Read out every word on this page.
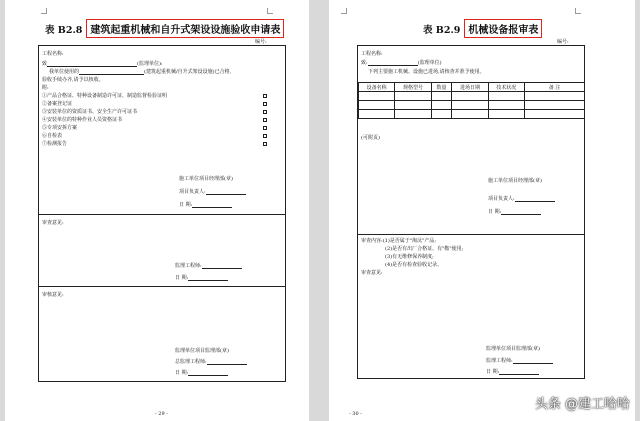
表 B2.8 建筑起重机械和自升式架设设施验收申请表
编号:
工程名称:
致	(监理单位):
我单位使用的	(建筑起重机械/自升式架设设施)已合格,
验收手续办齐,请予以核收。
附:
①产品合格证、特种设备制造许可证、制造监督检验证明
②备案登记证
③安装单位的资质证书、安全生产许可证书
④安装单位的特种作业人员资格证书
⑤专项安拆方案
⑥自检表
⑦检测报告
施工单位项目经理部(章)
项目负责人:
日 期:
审查意见:
监理工程师:
日 期:
审核意见:
监理单位项目监理部(章)
总监理工程师:
日 期:
- 29 -
表 B2.9 机械设备报审表
编号:
工程名称:
致:	(监理单位)
下列主要施工机械、设施已进场,请核查并准予使用。
设备名称	规格型号	数量	进场日期	技术状况	备 注

(可附页)
施工单位项目经理部(章)
项目负责人:
日 期:
审查内容:(1)是否属于"淘汰"产品;
(2)是否有出厂合格证、有"鞍"使用;
(3)有无维修保养制度;
(4)是否有检查验收记录。
审查意见:
监理单位项目监理部(章)
监理工程师:
日 期:
- 30 -
头条 @建工哈哈
